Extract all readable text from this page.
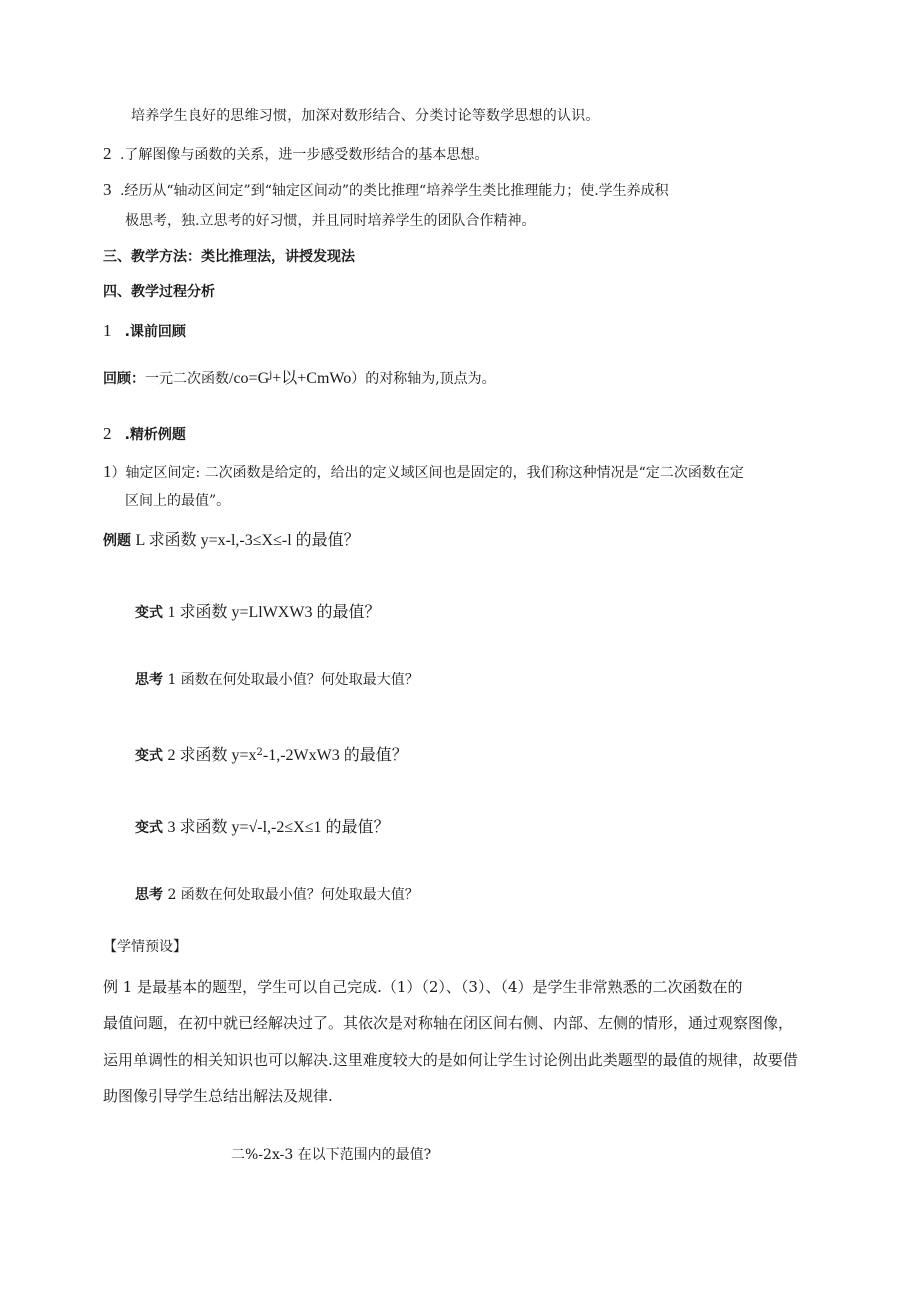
培养学生良好的思维习惯，加深对数形结合、分类讨论等数学思想的认识。
2 .了解图像与函数的关系，进一步感受数形结合的基本思想。
3 .经历从“轴动区间定”到“轴定区间动”的类比推理“培养学生类比推理能力；使.学生养成积
极思考，独.立思考的好习惯，并且同时培养学生的团队合作精神。
三、教学方法：类比推理法，讲授发现法
四、教学过程分析
1 .课前回顾
回顾：一元二次函数$/co=G^j+$以+CmWo）的对称轴为,顶点为。
2 .精析例题
1）轴定区间定: 二次函数是给定的，给出的定义域区间也是固定的，我们称这种情况是“定二次函数在定
区间上的最值”。
例题 L 求函数 y=x-l,-3≤X≤-l 的最值？
变式 1 求函数 y=LlWXW3 的最值？
思考 1 函数在何处取最小值？何处取最大值？
变式 2 求函数 $y=x^2-1,-2WxW3$ 的最值？
变式 3 求函数 y=√-l,-2≤X≤1 的最值？
思考 2 函数在何处取最小值？何处取最大值？
【学情预设】
例 1 是最基本的题型，学生可以自己完成.（1）（2）、（3）、（4）是学生非常熟悉的二次函数在的
最值问题，在初中就已经解决过了。其依次是对称轴在闭区间右侧、内部、左侧的情形，通过观察图像，
运用单调性的相关知识也可以解决.这里难度较大的是如何让学生讨论例出此类题型的最值的规律，故要借
助图像引导学生总结出解法及规律.
二%-2x-3 在以下范围内的最值?
